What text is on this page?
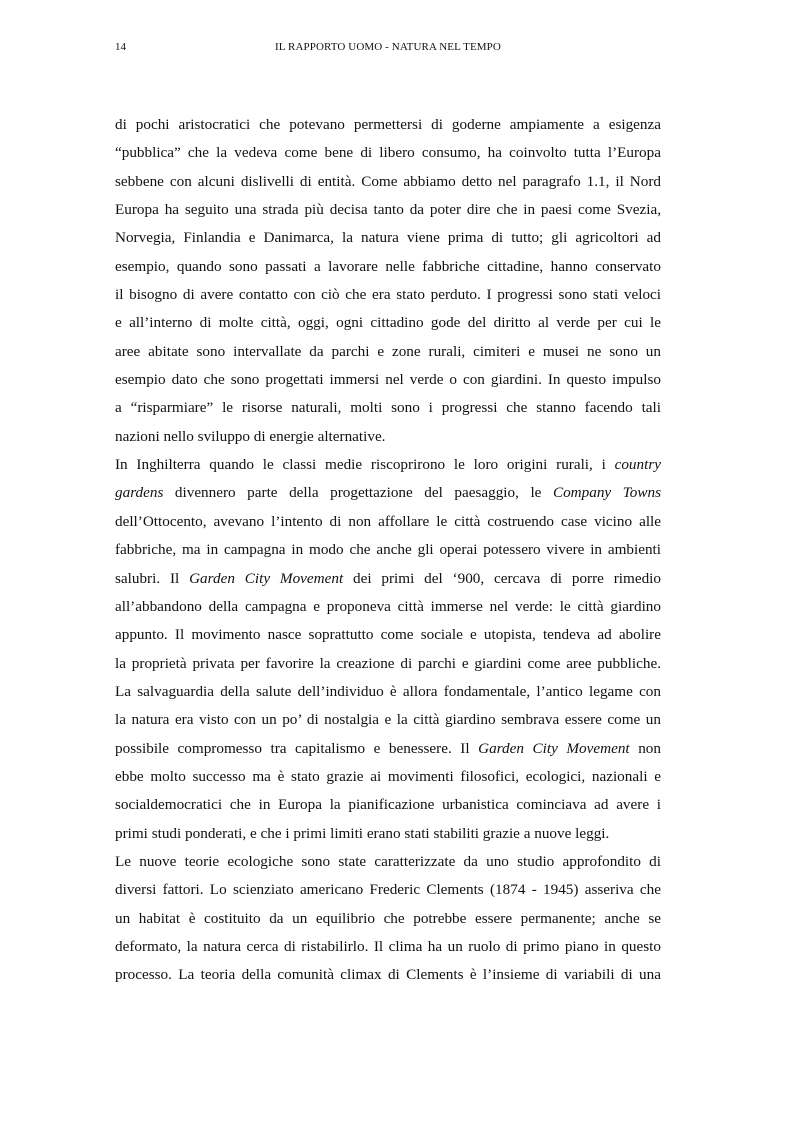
14	IL RAPPORTO UOMO - NATURA NEL TEMPO
di pochi aristocratici che potevano permettersi di goderne ampiamente a esigenza
“pubblica” che la vedeva come bene di libero consumo, ha coinvolto tutta l’Europa
sebbene con alcuni dislivelli di entità. Come abbiamo detto nel paragrafo 1.1, il Nord
Europa ha seguito una strada più decisa tanto da poter dire che in paesi come Svezia,
Norvegia, Finlandia e Danimarca, la natura viene prima di tutto; gli agricoltori ad
esempio, quando sono passati a lavorare nelle fabbriche cittadine, hanno conservato
il bisogno di avere contatto con ciò che era stato perduto. I progressi sono stati veloci
e all’interno di molte città, oggi, ogni cittadino gode del diritto al verde per cui le
aree abitate sono intervallate da parchi e zone rurali, cimiteri e musei ne sono un
esempio dato che sono progettati immersi nel verde o con giardini. In questo impulso
a “risparmiare” le risorse naturali, molti sono i progressi che stanno facendo tali
nazioni nello sviluppo di energie alternative.
In Inghilterra quando le classi medie riscoprirono le loro origini rurali, i country
gardens divennero parte della progettazione del paesaggio, le Company Towns
dell’Ottocento, avevano l’intento di non affollare le città costruendo case vicino alle
fabbriche, ma in campagna in modo che anche gli operai potessero vivere in ambienti
salubri. Il Garden City Movement dei primi del ‘900, cercava di porre rimedio
all’abbandono della campagna e proponeva città immerse nel verde: le città giardino
appunto. Il movimento nasce soprattutto come sociale e utopista, tendeva ad abolire
la proprietà privata per favorire la creazione di parchi e giardini come aree pubbliche.
La salvaguardia della salute dell’individuo è allora fondamentale, l’antico legame con
la natura era visto con un po’ di nostalgia e la città giardino sembrava essere come un
possibile compromesso tra capitalismo e benessere. Il Garden City Movement non
ebbe molto successo ma è stato grazie ai movimenti filosofici, ecologici, nazionali e
socialdemocratici che in Europa la pianificazione urbanistica cominciava ad avere i
primi studi ponderati, e che i primi limiti erano stati stabiliti grazie a nuove leggi.
Le nuove teorie ecologiche sono state caratterizzate da uno studio approfondito di
diversi fattori. Lo scienziato americano Frederic Clements (1874 - 1945) asseriva che
un habitat è costituito da un equilibrio che potrebbe essere permanente; anche se
deformato, la natura cerca di ristabilirlo. Il clima ha un ruolo di primo piano in questo
processo. La teoria della comunità climax di Clements è l’insieme di variabili di una
